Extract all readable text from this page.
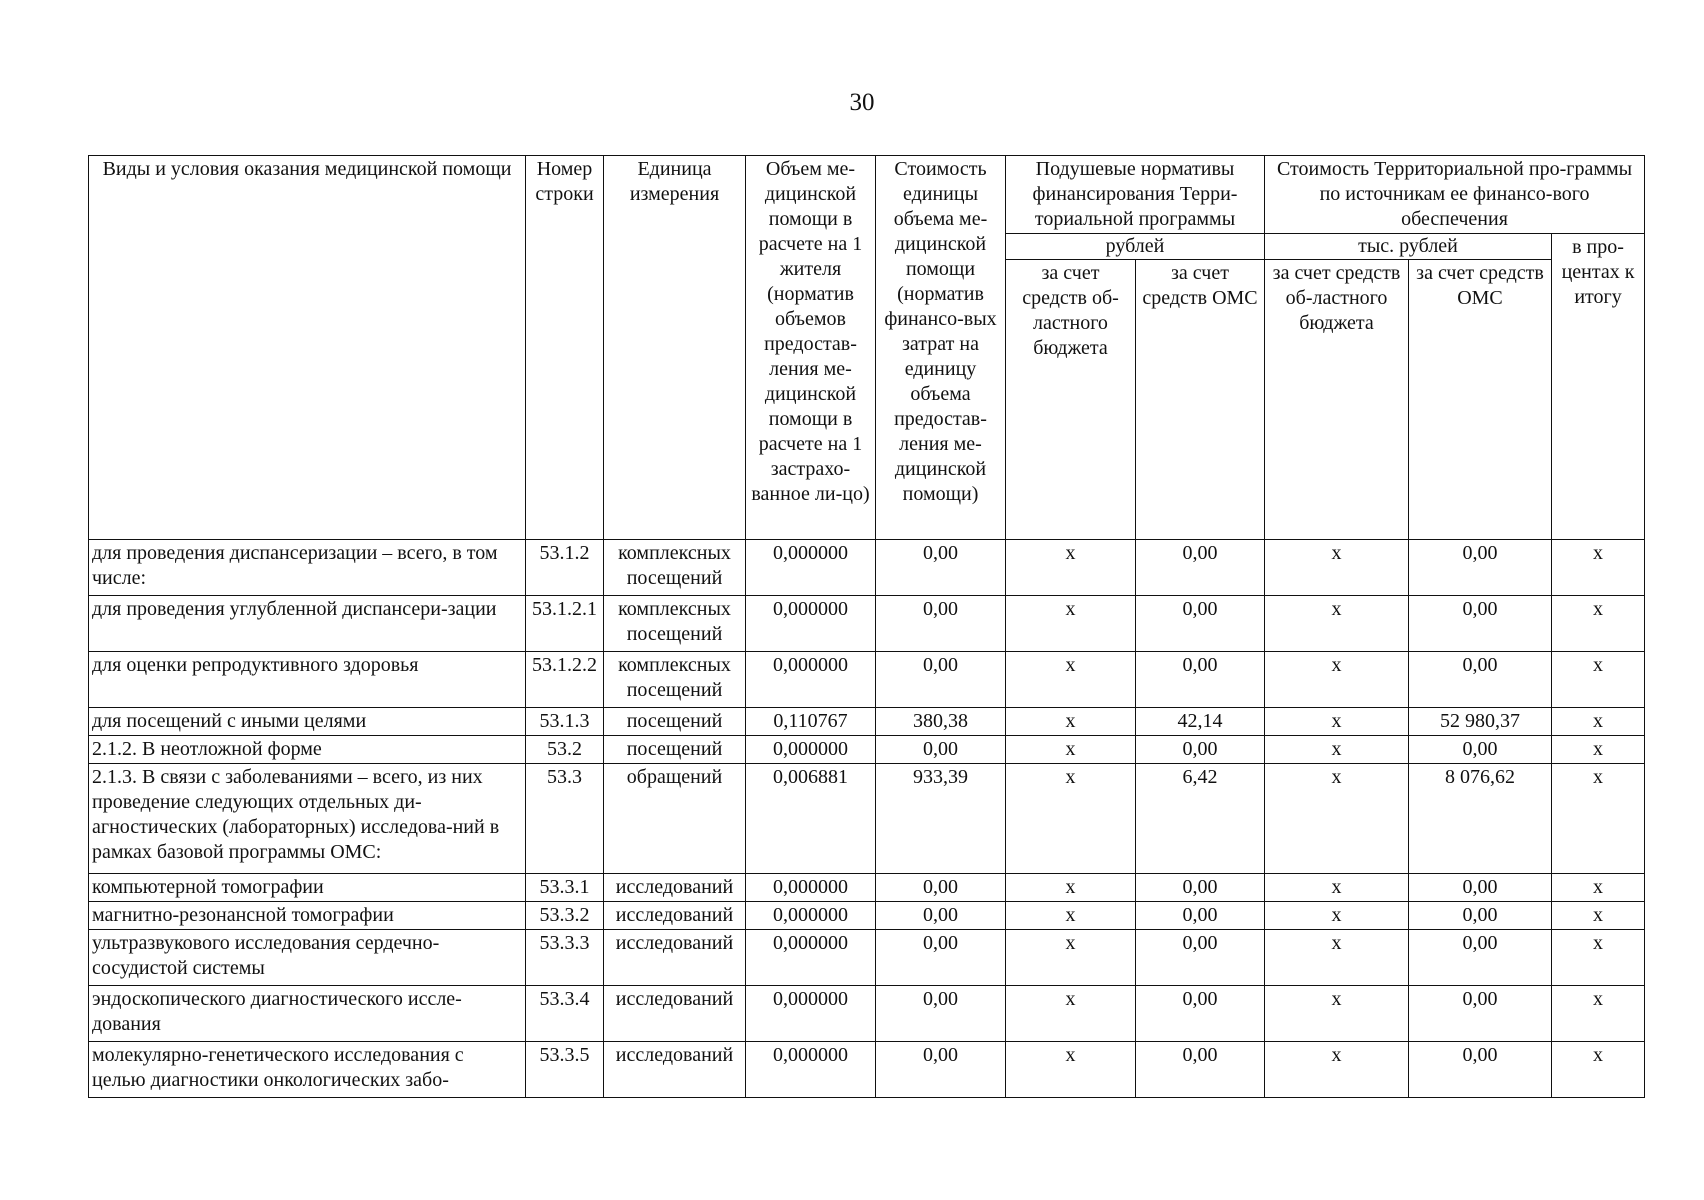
30
Виды и условия оказания медицинской помощи	Номер строки	Единица измерения	Объем ме-дицинской помощи в расчете на 1 жителя (норматив объемов предостав-ления ме-дицинской помощи в расчете на 1 застрахо-ванное ли-цо)	Стоимость единицы объема ме-дицинской помощи (норматив финансо-вых затрат на единицу объема предостав-ления ме-дицинской помощи)	Подушевые нормативы финансирования Терри-ториальной программы		Стоимость Территориальной про-граммы по источникам ее финансо-вого обеспечения		
					рублей		тыс. рублей		в про-центах к итогу
					за счет средств об-ластного бюджета	за счет средств ОМС	за счет средств об-ластного бюджета	за счет средств ОМС	
для проведения диспансеризации – всего, в том числе:	53.1.2	комплексных посещений	0,000000	0,00	х	0,00	х	0,00	х
для проведения углубленной диспансери-зации	53.1.2.1	комплексных посещений	0,000000	0,00	х	0,00	х	0,00	х
для оценки репродуктивного здоровья	53.1.2.2	комплексных посещений	0,000000	0,00	х	0,00	х	0,00	х
для посещений с иными целями	53.1.3	посещений	0,110767	380,38	х	42,14	х	52 980,37	х
2.1.2. В неотложной форме	53.2	посещений	0,000000	0,00	х	0,00	х	0,00	х
2.1.3. В связи с заболеваниями – всего, из них проведение следующих отдельных ди-агностических (лабораторных) исследова-ний в рамках базовой программы ОМС:	53.3	обращений	0,006881	933,39	х	6,42	х	8 076,62	х
компьютерной томографии	53.3.1	исследований	0,000000	0,00	х	0,00	х	0,00	х
магнитно-резонансной томографии	53.3.2	исследований	0,000000	0,00	х	0,00	х	0,00	х
ультразвукового исследования сердечно-сосудистой системы	53.3.3	исследований	0,000000	0,00	х	0,00	х	0,00	х
эндоскопического диагностического иссле-дования	53.3.4	исследований	0,000000	0,00	х	0,00	х	0,00	х
молекулярно-генетического исследования с целью диагностики онкологических забо-	53.3.5	исследований	0,000000	0,00	х	0,00	х	0,00	х
